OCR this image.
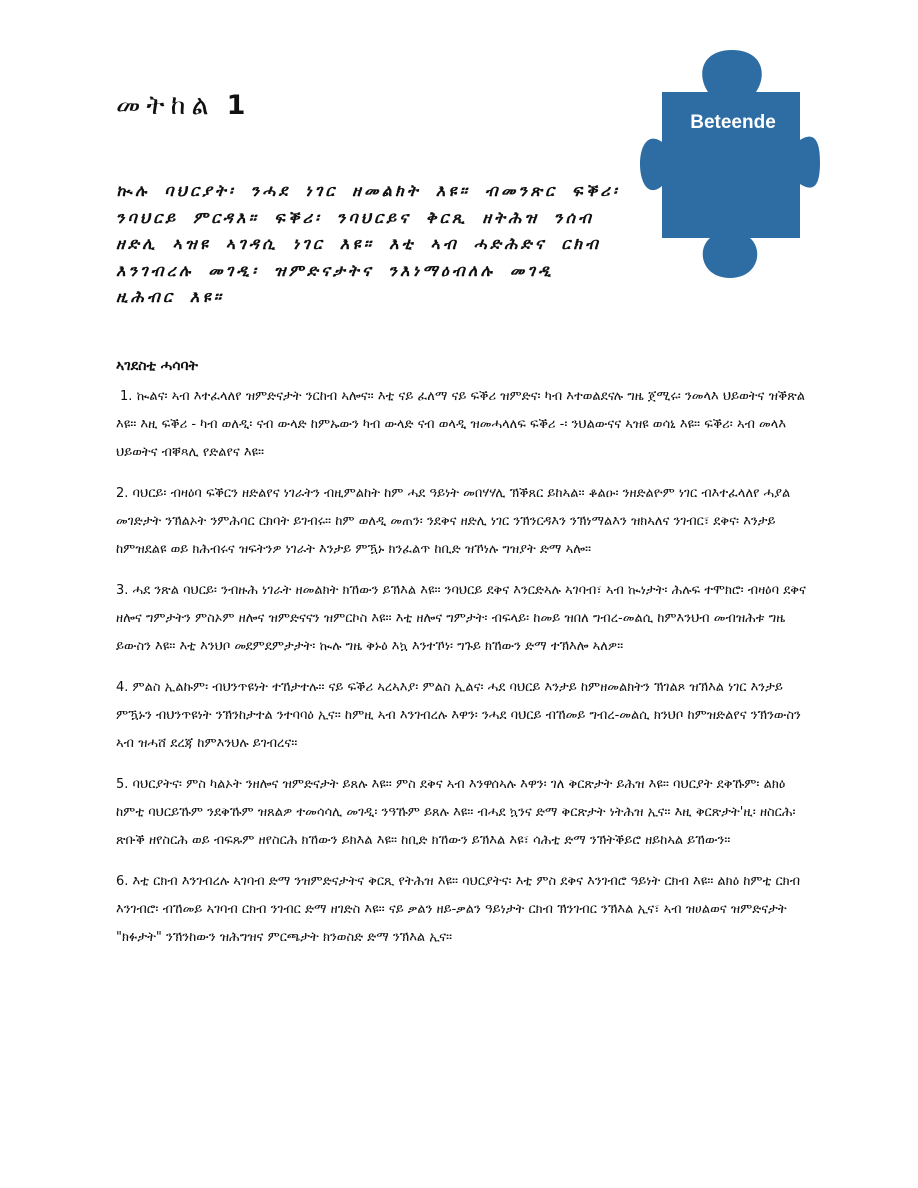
መትከል 1
Beteende
ኲሉ ባህርያት፡ ንሓደ ነገር ዘመልክት እዩ። ብመንጽር ፍቕሪ፡ ንባህርይ ምርዳእ። ፍቕሪ፡ ንባህርይና ቅርጺ ዘትሕዝ ንሰብ ዘድሊ ኣዝዩ ኣገዳሲ ነገር እዩ። እቲ ኣብ ሓድሕድና ርክብ እንገብረሉ መገዲ፡ ዝምድናታትና ንእነማዕብለሉ መገዲ ዚሕብር እዩ።
ኣገደስቲ ሓሳባት

1. ኲልና፡ ኣብ እተፈላለየ ዝምድናታት ንርከብ ኣሎና። እቲ ናይ ፈለማ ናይ ፍቕሪ ዝምድና፡ ካብ እተወልደናሉ ግዜ ጀሚሩ፡ ንመላእ ህይወትና ዝቕጽል እዩ። እዚ ፍቕሪ - ካብ ወለዲ፡ ናብ ውላድ ከምኡውን ካብ ውላድ ናብ ወላዲ ዝመሓላለፍ ፍቕሪ -፡ ንህልውናና ኣዝዩ ወሳኒ እዩ። ፍቕሪ፡ ኣብ መላእ ህይወትና ብቐጻሊ የድልየና እዩ።

2. ባህርይ፡ ብዛዕባ ፍቕርን ዘድልየና ነገራትን ብዚምልከት ከም ሓደ ዓይነት መበሃሃሊ ኽቕጸር ይከኣል። ቆልዑ፡ ንዘድልዮም ነገር ብእተፈላለየ ሓያል መገድታት ንኽልኦት ንምሕባር ርክባት ይገብሩ። ከም ወለዲ መጠን፡ ንደቅና ዘድሊ ነገር ንኽንርዳእን ንኽነማልእን ዝክኣለና ንገብር፣ ደቅና፡ እንታይ ከምዝደልዩ ወይ ክሕብሩና ዝፍትንዎ ነገራት እንታይ ምዃኑ ክንፈልጥ ከቢድ ዝኾነሉ ግዝያት ድማ ኣሎ።

3. ሓደ ንጽል ባህርይ፡ ንብዙሕ ነገራት ዘመልክት ክኸውን ይኽእል እዩ። ንባህርይ ደቅና እንርድኣሉ ኣገባብ፣ ኣብ ኲነታት፡ ሕሉፍ ተሞክሮ፡ ብዛዕባ ደቅና ዘሎና ግምታትን ምስኦም ዘሎና ዝምድናናን ዝምርኮስ እዩ። እቲ ዘሎና ግምታት፡ ብፍላይ፡ ከመይ ዝበለ ግብረ-መልሲ ከምእንህብ መብዝሕቱ ግዜ ይውስን እዩ። እቲ እንህቦ መደምደምታታት፡ ኲሉ ግዜ ቅኑዕ እኳ እንተኾነ፡ ግጉይ ክኸውን ድማ ተኽእሎ ኣለዎ።

4. ምልስ ኢልኩም፡ ብህንጥዩነት ተኸታተሉ። ናይ ፍቕሪ ኣረኣእያ፡ ምልስ ኢልና፡ ሓደ ባህርይ እንታይ ከምዘመልክትን ኽገልጾ ዝኽእል ነገር እንታይ ምዃኑን ብህንጥዩነት ንኽንከታተል ንተባባዕ ኢና። ከምዚ ኣብ እንገብረሉ እዋን፡ ንሓደ ባህርይ ብኸመይ ግብረ-መልሲ ክንህቦ ከምዝድልየና ንኽንውስን ኣብ ዝሓሸ ደረጃ ከምእንህሉ ይገብረና።

5. ባህርያትና፡ ምስ ካልኦት ንዘሎና ዝምድናታት ይጸሉ እዩ። ምስ ደቅና ኣብ እንዋሰኣሉ እዋን፡ ገለ ቅርጽታት ይሕዝ እዩ። ባህርያት ደቅኹም፡ ልክዕ ከምቲ ባህርይኹም ንደቅኹም ዝጸልዎ ተመሳሳሊ መገዲ፡ ንዓኹም ይጸሉ እዩ። ብሓደ ኳንና ድማ ቅርጽታት ነትሕዝ ኢና። እዚ ቅርጽታት'ዚ፡ ዘስርሕ፡ ጽቡቕ ዘየስርሕ ወይ ብፍጹም ዘየስርሕ ክኸውን ይክእል እዩ። ከቢድ ክኸውን ይኽእል እዩ፣ ሳሕቲ ድማ ንኽትቕይሮ ዘይከኣል ይኸውን።

6. እቲ ርክብ እንገብረሉ ኣገባብ ድማ ንዝምድናታትና ቅርጺ የትሕዝ እዩ። ባህርያትና፡ እቲ ምስ ደቅና እንገብሮ ዓይነት ርክብ እዩ። ልክዕ ከምቲ ርክብ እንገብሮ፡ ብኸመይ ኣገባብ ርክብ ንገብር ድማ ዘገድስ እዩ። ናይ ቃልን ዘይ-ቃልን ዓይነታት ርክብ ኽንገብር ንኽእል ኢና፣ ኣብ ዝሀልወና ዝምድናታት "ክፉታት" ንኽንከውን ዝሕግዝና ምርጫታት ክንወስድ ድማ ንኽእል ኢና።
